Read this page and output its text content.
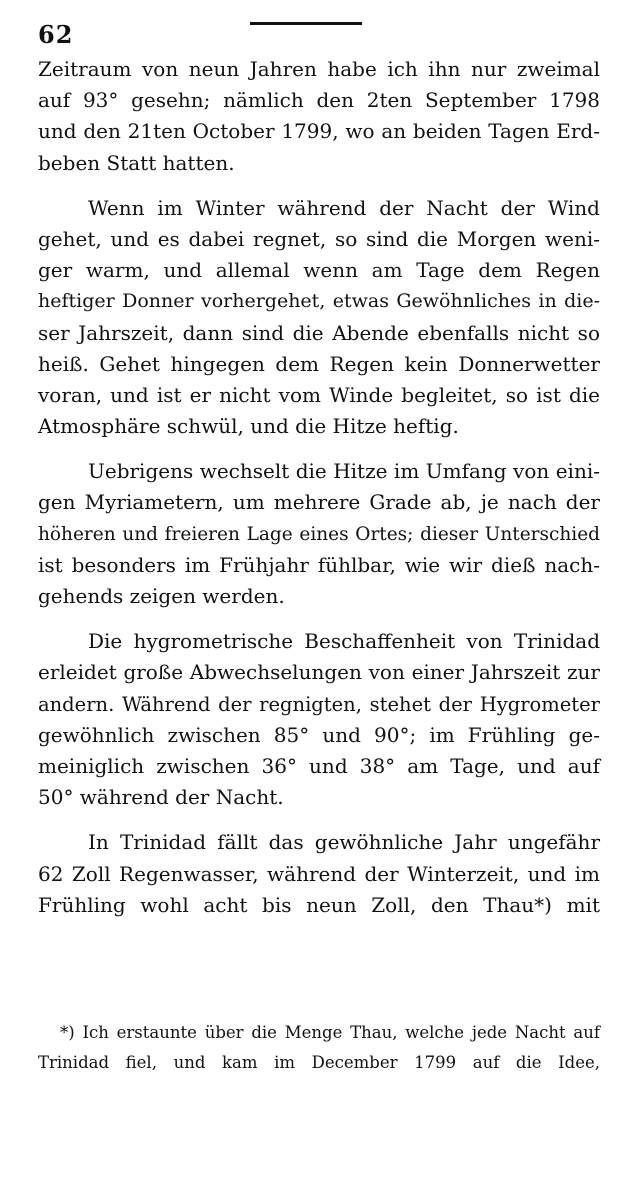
62
Zeitraum von neun Jahren habe ich ihn nur zweimal
auf 93° gesehn; nämlich den 2ten September 1798
und den 21ten October 1799, wo an beiden Tagen Erd-
beben Statt hatten.
Wenn im Winter während der Nacht der Wind
gehet, und es dabei regnet, so sind die Morgen weni-
ger warm, und allemal wenn am Tage dem Regen
heftiger Donner vorhergehet, etwas Gewöhnliches in die-
ser Jahrszeit, dann sind die Abende ebenfalls nicht so
heiß. Gehet hingegen dem Regen kein Donnerwetter
voran, und ist er nicht vom Winde begleitet, so ist die
Atmosphäre schwül, und die Hitze heftig.
Uebrigens wechselt die Hitze im Umfang von eini-
gen Myriametern, um mehrere Grade ab, je nach der
höheren und freieren Lage eines Ortes; dieser Unterschied
ist besonders im Frühjahr fühlbar, wie wir dieß nach-
gehends zeigen werden.
Die hygrometrische Beschaffenheit von Trinidad
erleidet große Abwechselungen von einer Jahrszeit zur
andern. Während der regnigten, stehet der Hygrometer
gewöhnlich zwischen 85° und 90°; im Frühling ge-
meiniglich zwischen 36° und 38° am Tage, und auf
50° während der Nacht.
In Trinidad fällt das gewöhnliche Jahr ungefähr
62 Zoll Regenwasser, während der Winterzeit, und im
Frühling wohl acht bis neun Zoll, den Thau*) mit
*) Ich erstaunte über die Menge Thau, welche jede Nacht auf
Trinidad fiel, und kam im December 1799 auf die Idee,
